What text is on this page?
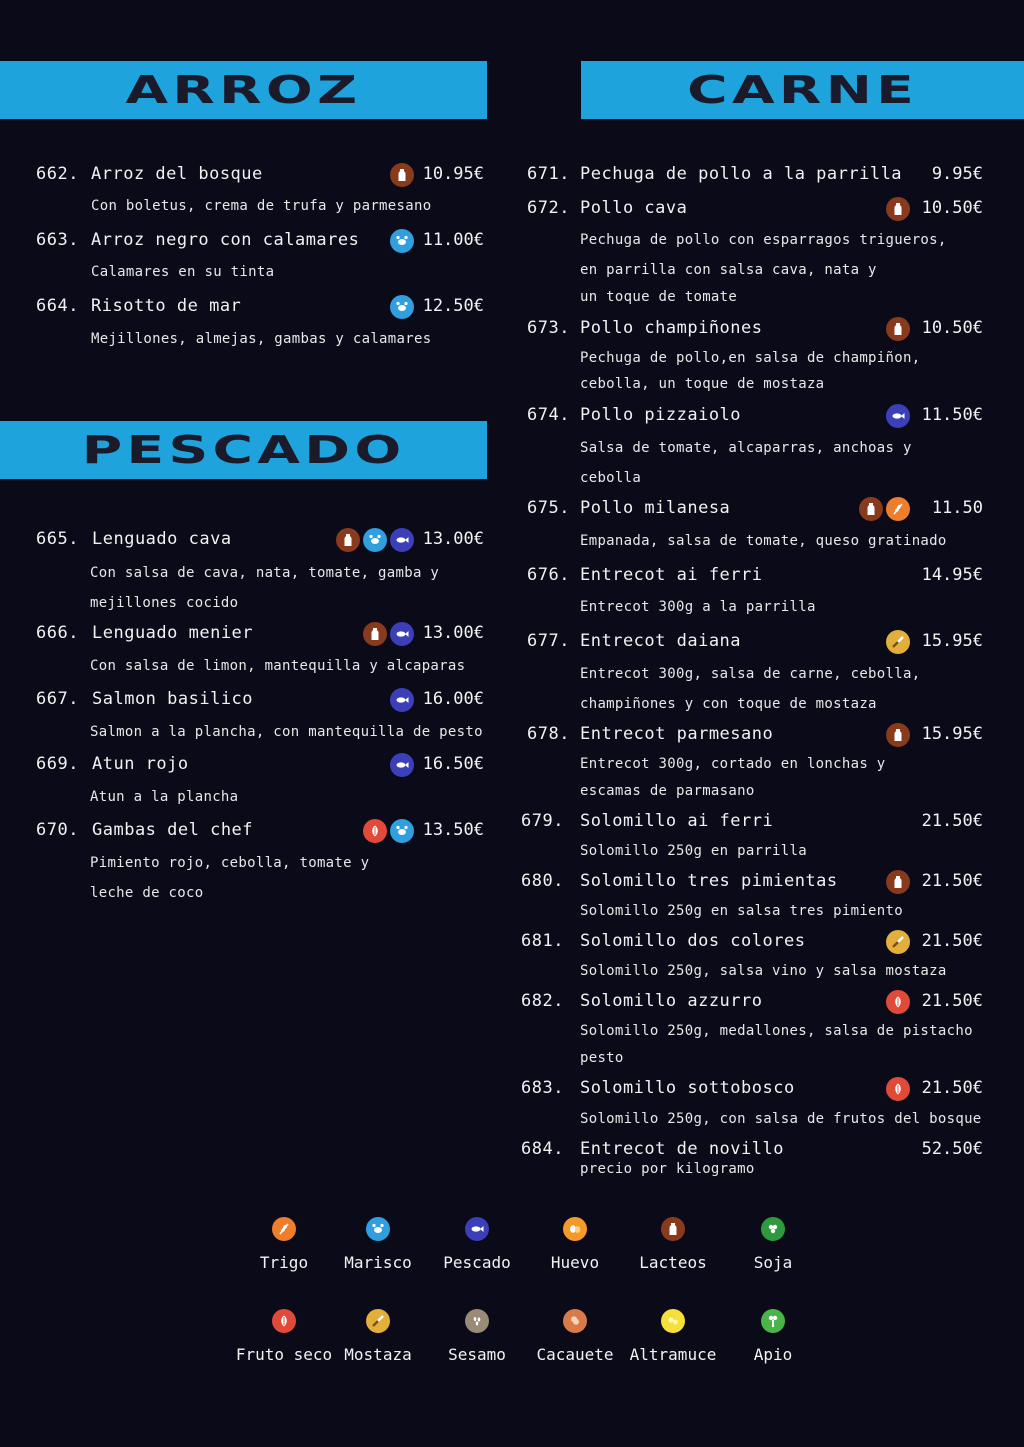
ARROZ	CARNE
PESCADO
662. Arroz del bosque	10.95€
Con boletus, crema de trufa y parmesano
663. Arroz negro con calamares	11.00€
Calamares en su tinta
664. Risotto de mar	12.50€
Mejillones, almejas, gambas y calamares
665. Lenguado cava	13.00€
Con salsa de cava, nata, tomate, gamba y
mejillones cocido
666. Lenguado menier	13.00€
Con salsa de limon, mantequilla y alcaparas
667. Salmon basilico	16.00€
Salmon a la plancha, con mantequilla de pesto
669. Atun rojo	16.50€
Atun a la plancha
670. Gambas del chef	13.50€
Pimiento rojo, cebolla, tomate y
leche de coco
671. Pechuga de pollo a la parrilla 9.95€
672. Pollo cava	10.50€
Pechuga de pollo con esparragos trigueros,
en parrilla con salsa cava, nata y
un toque de tomate
673. Pollo champiñones	10.50€
Pechuga de pollo,en salsa de champiñon,
cebolla, un toque de mostaza
674. Pollo pizzaiolo	11.50€
Salsa de tomate, alcaparras, anchoas y
cebolla
675. Pollo milanesa	11.50
Empanada, salsa de tomate, queso gratinado
676. Entrecot ai ferri	14.95€
Entrecot 300g a la parrilla
677. Entrecot daiana	15.95€
Entrecot 300g, salsa de carne, cebolla,
champiñones y con toque de mostaza
678. Entrecot parmesano	15.95€
Entrecot 300g, cortado en lonchas y
escamas de parmasano
679. Solomillo ai ferri	21.50€
Solomillo 250g en parrilla
680. Solomillo tres pimientas	21.50€
Solomillo 250g en salsa tres pimiento
681. Solomillo dos colores	21.50€
Solomillo 250g, salsa vino y salsa mostaza
682. Solomillo azzurro	21.50€
Solomillo 250g, medallones, salsa de pistacho
pesto
683. Solomillo sottobosco	21.50€
Solomillo 250g, con salsa de frutos del bosque
684. Entrecot de novillo	52.50€
precio por kilogramo
Trigo	Marisco	Pescado	Huevo	Lacteos	Soja
Fruto seco Mostaza	Sesamo	Cacauete	Altramuce	Apio
